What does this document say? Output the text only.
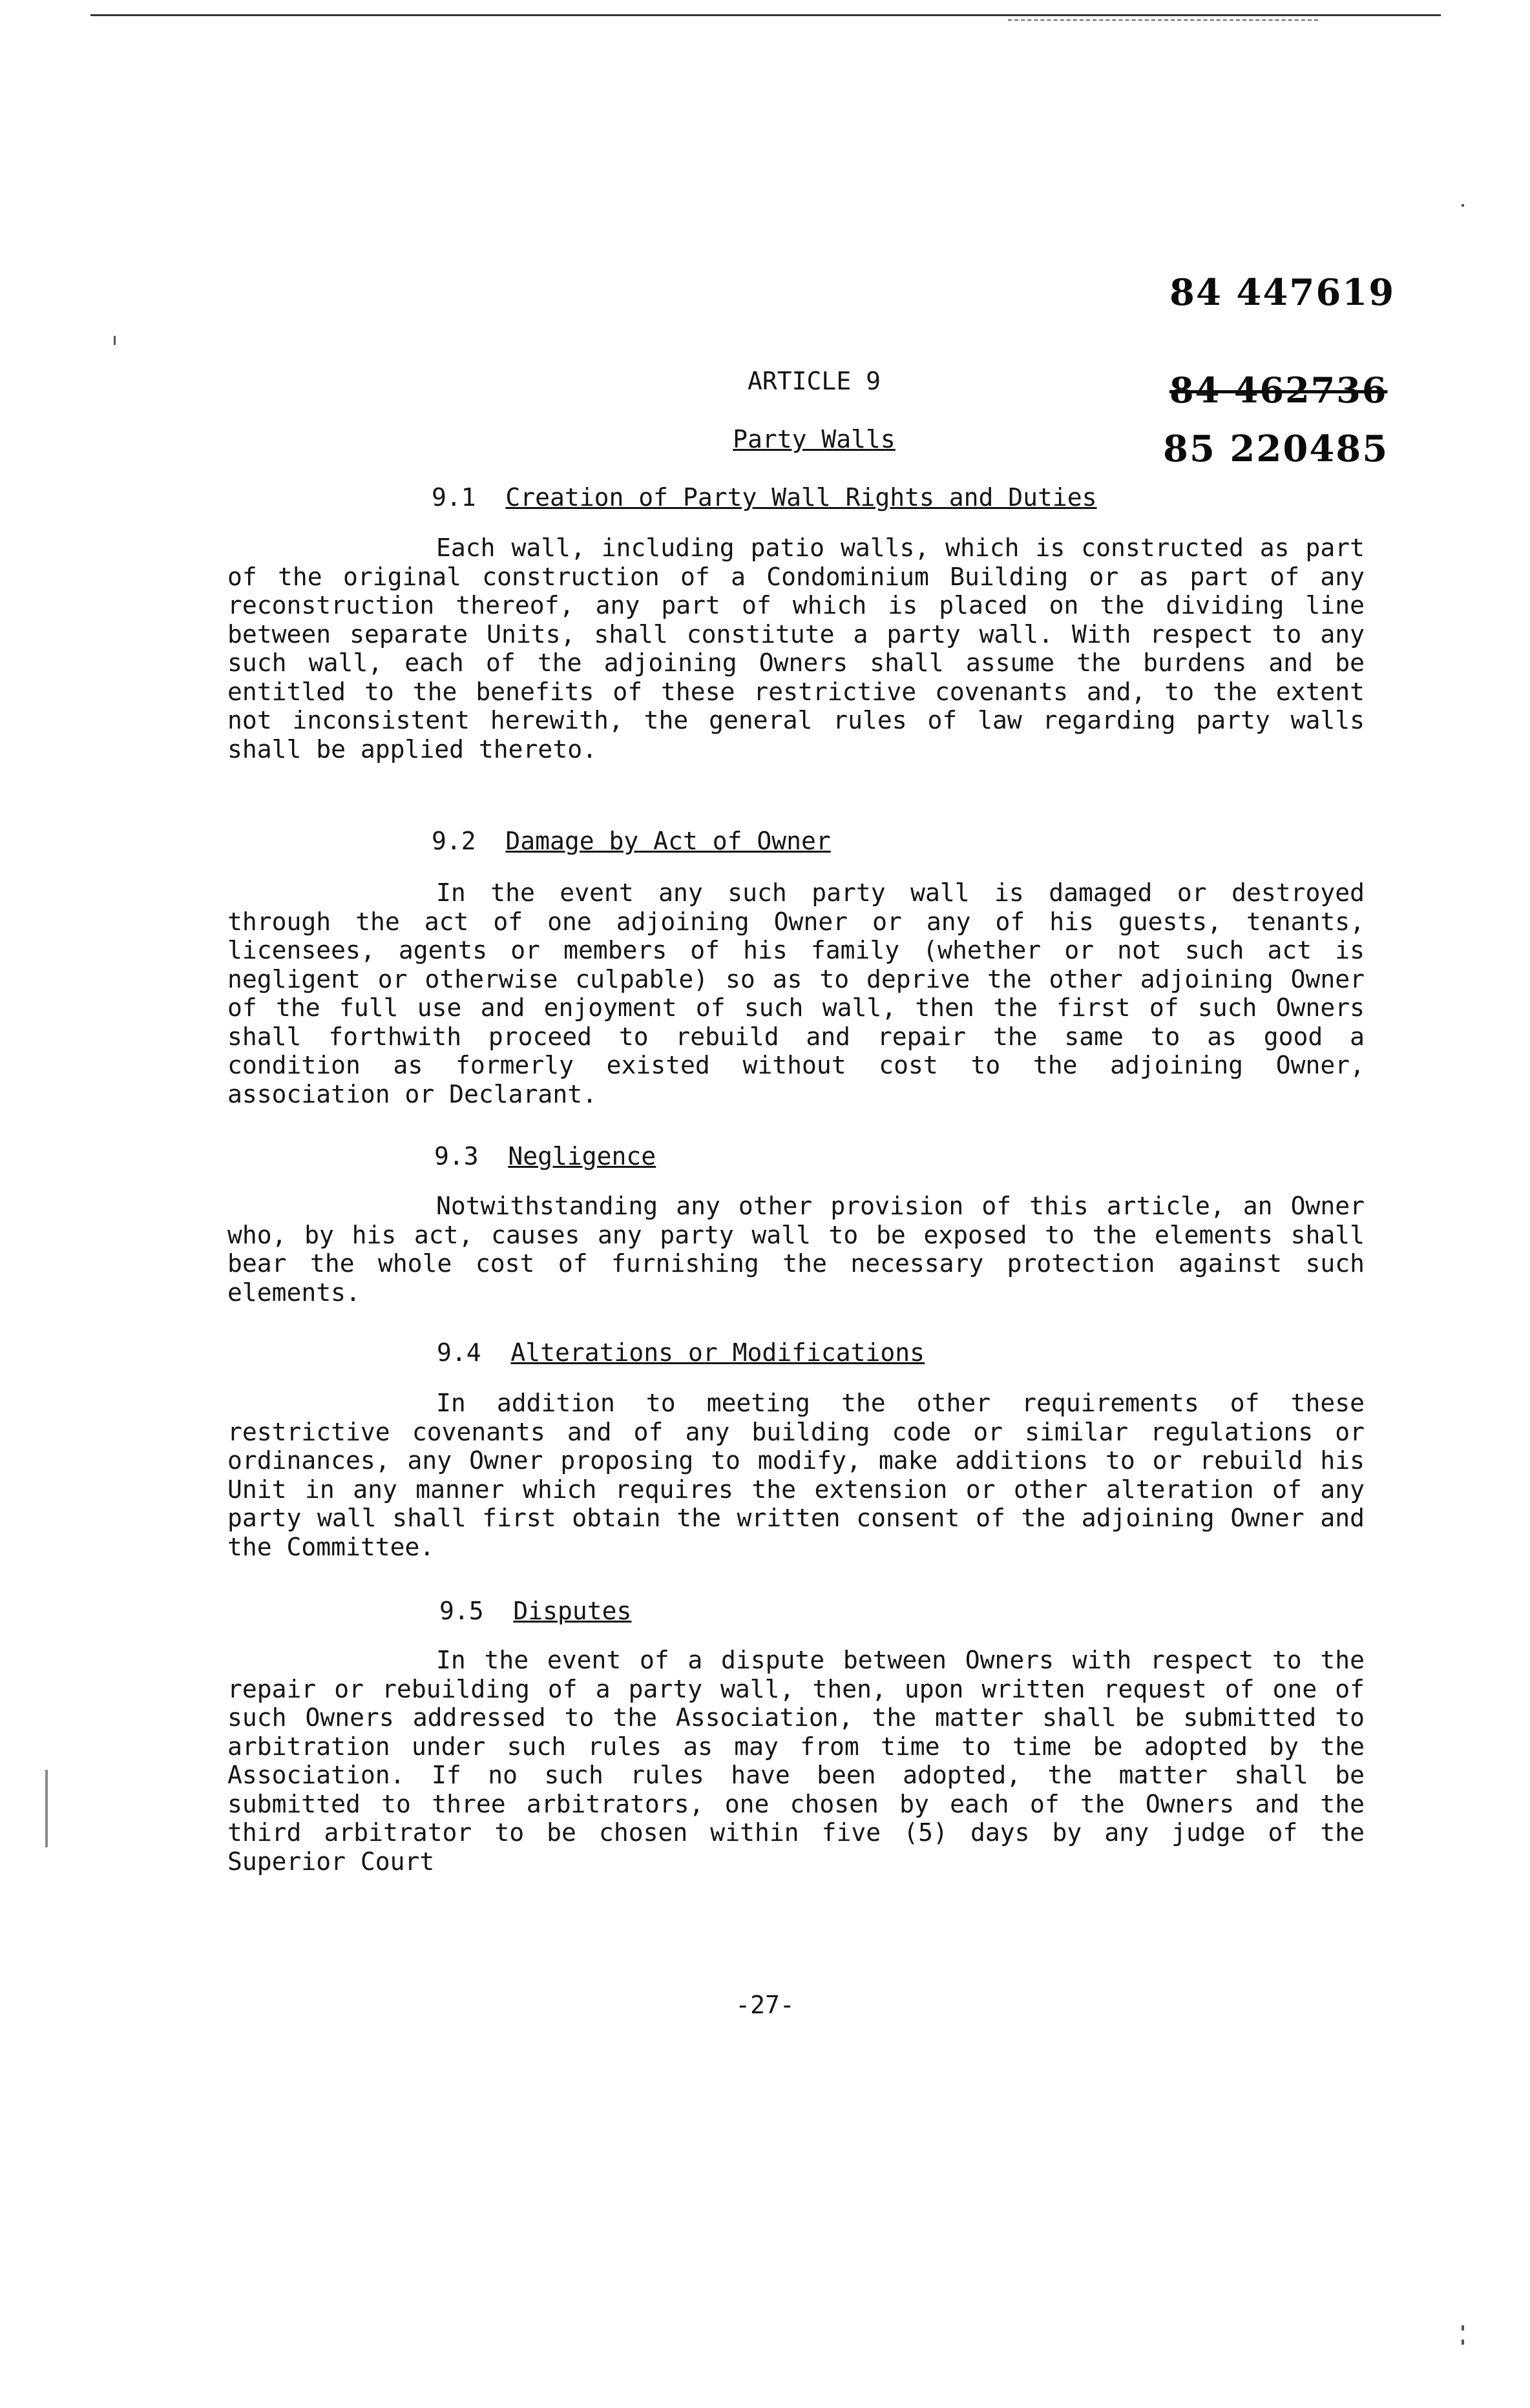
84 447619
84 462736
85 220485
ARTICLE 9
Party Walls
9.1 Creation of Party Wall Rights and Duties

Each wall, including patio walls, which is constructed as part of the original construction of a Condominium Building or as part of any reconstruction thereof, any part of which is placed on the dividing line between separate Units, shall constitute a party wall. With respect to any such wall, each of the adjoining Owners shall assume the burdens and be entitled to the benefits of these restrictive covenants and, to the extent not inconsistent herewith, the general rules of law regarding party walls shall be applied thereto.

9.2 Damage by Act of Owner

In the event any such party wall is damaged or destroyed through the act of one adjoining Owner or any of his guests, tenants, licensees, agents or members of his family (whether or not such act is negligent or otherwise culpable) so as to deprive the other adjoining Owner of the full use and enjoyment of such wall, then the first of such Owners shall forthwith proceed to rebuild and repair the same to as good a condition as formerly existed without cost to the adjoining Owner, association or Declarant.

9.3 Negligence

Notwithstanding any other provision of this article, an Owner who, by his act, causes any party wall to be exposed to the elements shall bear the whole cost of furnishing the necessary protection against such elements.

9.4 Alterations or Modifications

In addition to meeting the other requirements of these restrictive covenants and of any building code or similar regulations or ordinances, any Owner proposing to modify, make additions to or rebuild his Unit in any manner which requires the extension or other alteration of any party wall shall first obtain the written consent of the adjoining Owner and the Committee.

9.5 Disputes

In the event of a dispute between Owners with respect to the repair or rebuilding of a party wall, then, upon written request of one of such Owners addressed to the Association, the matter shall be submitted to arbitration under such rules as may from time to time be adopted by the Association. If no such rules have been adopted, the matter shall be submitted to three arbitrators, one chosen by each of the Owners and the third arbitrator to be chosen within five (5) days by any judge of the Superior Court

-27-
